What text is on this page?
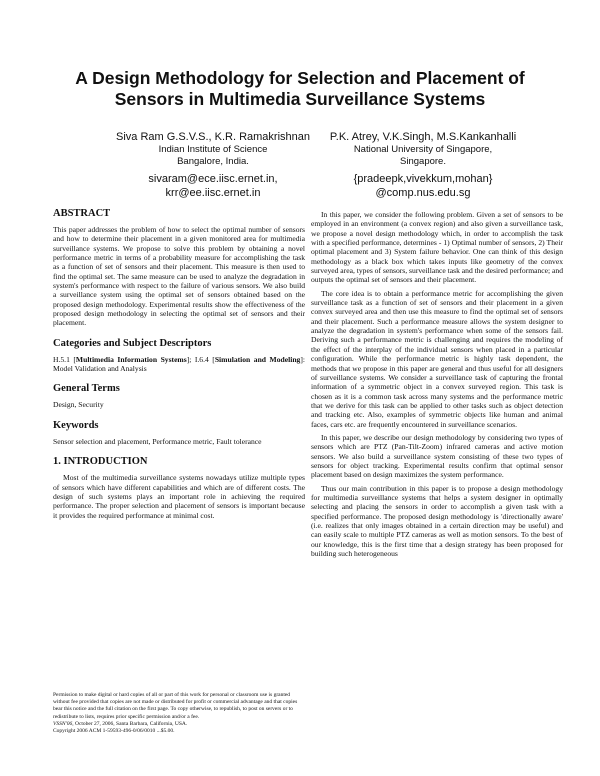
A Design Methodology for Selection and Placement of
Sensors in Multimedia Surveillance Systems
Siva Ram G.S.V.S., K.R. Ramakrishnan
Indian Institute of Science
Bangalore, India.
sivaram@ece.iisc.ernet.in,
krr@ee.iisc.ernet.in
P.K. Atrey, V.K.Singh, M.S.Kankanhalli
National University of Singapore,
Singapore.
{pradeepk,vivekkum,mohan}
@comp.nus.edu.sg
ABSTRACT

This paper addresses the problem of how to select the optimal number of sensors and how to determine their placement in a given monitored area for multimedia surveillance systems. We propose to solve this problem by obtaining a novel performance metric in terms of a probability measure for accomplishing the task as a function of set of sensors and their placement. This measure is then used to find the optimal set. The same measure can be used to analyze the degradation in system's performance with respect to the failure of various sensors. We also build a surveillance system using the optimal set of sensors obtained based on the proposed design methodology. Experimental results show the effectiveness of the proposed design methodology in selecting the optimal set of sensors and their placement.

Categories and Subject Descriptors

H.5.1 [Multimedia Information Systems]; I.6.4 [Simulation and Modeling]: Model Validation and Analysis

General Terms

Design, Security

Keywords

Sensor selection and placement, Performance metric, Fault tolerance

1. INTRODUCTION

Most of the multimedia surveillance systems nowadays utilize multiple types of sensors which have different capabilities and which are of different costs. The design of such systems plays an important role in achieving the required performance. The proper selection and placement of sensors is important because it provides the required performance at minimal cost.

Permission to make digital or hard copies of all or part of this work for personal or classroom use is granted without fee provided that copies are not made or distributed for profit or commercial advantage and that copies bear this notice and the full citation on the first page. To copy otherwise, to republish, to post on servers or to redistribute to lists, requires prior specific permission and/or a fee.

VSSN'06, October 27, 2006, Santa Barbara, California, USA.

Copyright 2006 ACM 1-59593-496-0/06/0010 ...$5.00.

In this paper, we consider the following problem. Given a set of sensors to be employed in an environment (a convex region) and also given a surveillance task, we propose a novel design methodology which, in order to accomplish the task with a specified performance, determines - 1) Optimal number of sensors, 2) Their optimal placement and 3) System failure behavior. One can think of this design methodology as a black box which takes inputs like geometry of the convex surveyed area, types of sensors, surveillance task and the desired performance; and outputs the optimal set of sensors and their placement.

The core idea is to obtain a performance metric for accomplishing the given surveillance task as a function of set of sensors and their placement in a given convex surveyed area and then use this measure to find the optimal set of sensors and their placement. Such a performance measure allows the system designer to analyze the degradation in system's performance when some of the sensors fail. Deriving such a performance metric is challenging and requires the modeling of the effect of the interplay of the individual sensors when placed in a particular configuration. While the performance metric is highly task dependent, the methods that we propose in this paper are general and thus useful for all designers of surveillance systems. We consider a surveillance task of capturing the frontal information of a symmetric object in a convex surveyed region. This task is chosen as it is a common task across many systems and the performance metric that we derive for this task can be applied to other tasks such as object detection and tracking etc. Also, examples of symmetric objects like human and animal faces, cars etc. are frequently encountered in surveillance scenarios.

In this paper, we describe our design methodology by considering two types of sensors which are PTZ (Pan-Tilt-Zoom) infrared cameras and active motion sensors. We also build a surveillance system consisting of these two types of sensors for object tracking. Experimental results confirm that optimal sensor placement based on design maximizes the system performance.

Thus our main contribution in this paper is to propose a design methodology for multimedia surveillance systems that helps a system designer in optimally selecting and placing the sensors in order to accomplish a given task with a specified performance. The proposed design methodology is 'directionally aware' (i.e. realizes that only images obtained in a certain direction may be useful) and can easily scale to multiple PTZ cameras as well as motion sensors. To the best of our knowledge, this is the first time that a design strategy has been proposed for building such heterogeneous
